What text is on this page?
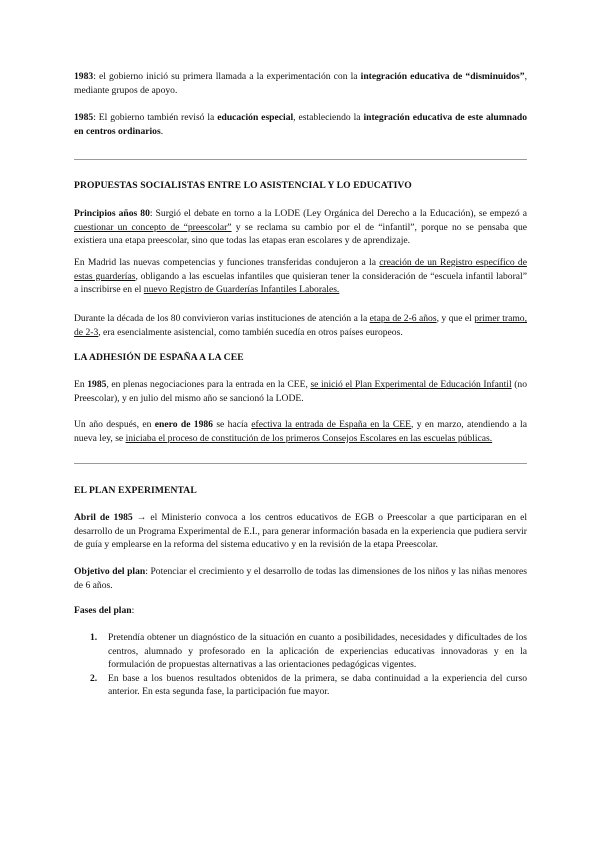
1983: el gobierno inició su primera llamada a la experimentación con la integración educativa de “disminuidos”, mediante grupos de apoyo.

1985: El gobierno también revisó la educación especial, estableciendo la integración educativa de este alumnado en centros ordinarios.

PROPUESTAS SOCIALISTAS ENTRE LO ASISTENCIAL Y LO EDUCATIVO

Principios años 80: Surgió el debate en torno a la LODE (Ley Orgánica del Derecho a la Educación), se empezó a cuestionar un concepto de “preescolar” y se reclama su cambio por el de “infantil”, porque no se pensaba que existiera una etapa preescolar, sino que todas las etapas eran escolares y de aprendizaje.

En Madrid las nuevas competencias y funciones transferidas condujeron a la creación de un Registro específico de estas guarderías, obligando a las escuelas infantiles que quisieran tener la consideración de “escuela infantil laboral” a inscribirse en el nuevo Registro de Guarderías Infantiles Laborales.

Durante la década de los 80 convivieron varias instituciones de atención a la etapa de 2-6 años, y que el primer tramo, de 2-3, era esencialmente asistencial, como también sucedía en otros países europeos.

LA ADHESIÓN DE ESPAÑA A LA CEE

En 1985, en plenas negociaciones para la entrada en la CEE, se inició el Plan Experimental de Educación Infantil (no Preescolar), y en julio del mismo año se sancionó la LODE.

Un año después, en enero de 1986 se hacía efectiva la entrada de España en la CEE, y en marzo, atendiendo a la nueva ley, se iniciaba el proceso de constitución de los primeros Consejos Escolares en las escuelas públicas.

EL PLAN EXPERIMENTAL

Abril de 1985 → el Ministerio convoca a los centros educativos de EGB o Preescolar a que participaran en el desarrollo de un Programa Experimental de E.I., para generar información basada en la experiencia que pudiera servir de guía y emplearse en la reforma del sistema educativo y en la revisión de la etapa Preescolar.

Objetivo del plan: Potenciar el crecimiento y el desarrollo de todas las dimensiones de los niños y las niñas menores de 6 años.

Fases del plan:

1. Pretendía obtener un diagnóstico de la situación en cuanto a posibilidades, necesidades y dificultades de los centros, alumnado y profesorado en la aplicación de experiencias educativas innovadoras y en la formulación de propuestas alternativas a las orientaciones pedagógicas vigentes.
2. En base a los buenos resultados obtenidos de la primera, se daba continuidad a la experiencia del curso anterior. En esta segunda fase, la participación fue mayor.
